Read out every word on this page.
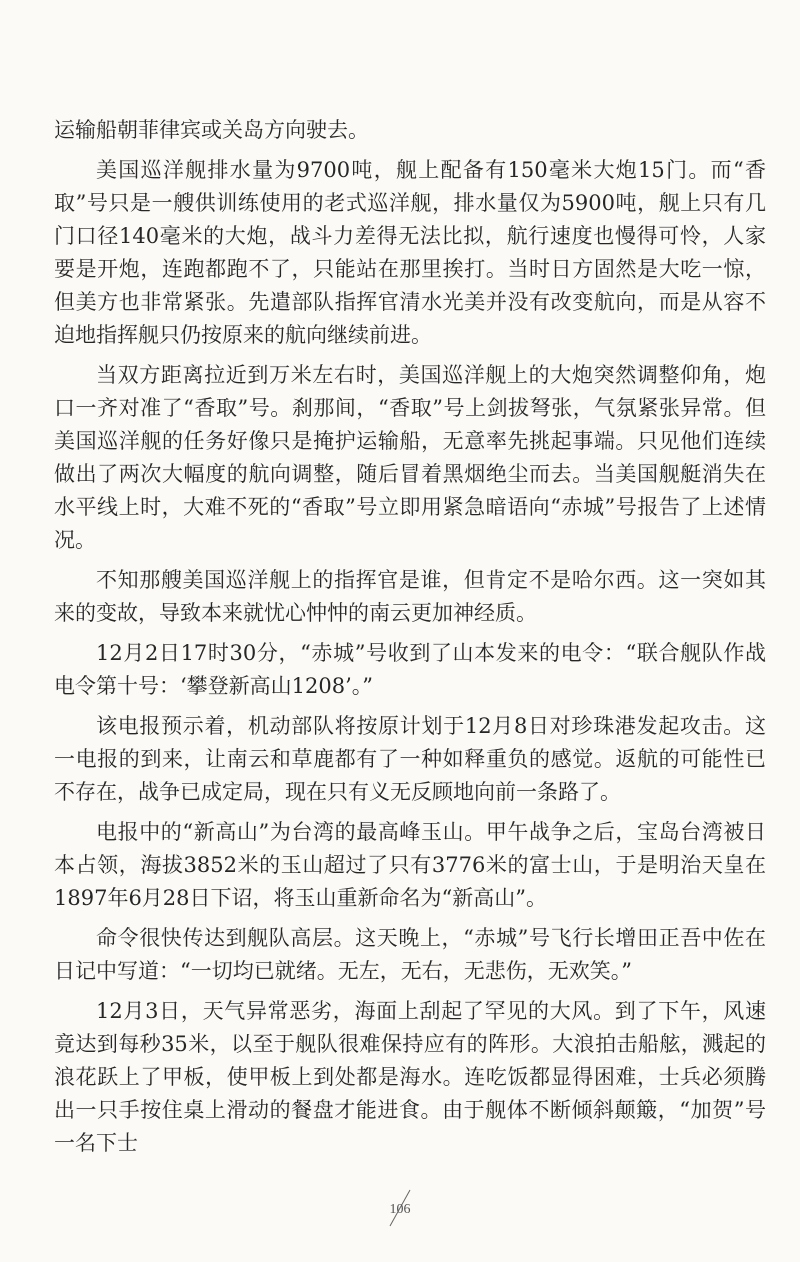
运输船朝菲律宾或关岛方向驶去。

美国巡洋舰排水量为9700吨，舰上配备有150毫米大炮15门。而“香取”号只是一艘供训练使用的老式巡洋舰，排水量仅为5900吨，舰上只有几门口径140毫米的大炮，战斗力差得无法比拟，航行速度也慢得可怜，人家要是开炮，连跑都跑不了，只能站在那里挨打。当时日方固然是大吃一惊，但美方也非常紧张。先遣部队指挥官清水光美并没有改变航向，而是从容不迫地指挥舰只仍按原来的航向继续前进。

当双方距离拉近到万米左右时，美国巡洋舰上的大炮突然调整仰角，炮口一齐对准了“香取”号。刹那间，“香取”号上剑拔弩张，气氛紧张异常。但美国巡洋舰的任务好像只是掩护运输船，无意率先挑起事端。只见他们连续做出了两次大幅度的航向调整，随后冒着黑烟绝尘而去。当美国舰艇消失在水平线上时，大难不死的“香取”号立即用紧急暗语向“赤城”号报告了上述情况。

不知那艘美国巡洋舰上的指挥官是谁，但肯定不是哈尔西。这一突如其来的变故，导致本来就忧心忡忡的南云更加神经质。

12月2日17时30分，“赤城”号收到了山本发来的电令：“联合舰队作战电令第十号：‘攀登新高山1208’。”

该电报预示着，机动部队将按原计划于12月8日对珍珠港发起攻击。这一电报的到来，让南云和草鹿都有了一种如释重负的感觉。返航的可能性已不存在，战争已成定局，现在只有义无反顾地向前一条路了。

电报中的“新高山”为台湾的最高峰玉山。甲午战争之后，宝岛台湾被日本占领，海拔3852米的玉山超过了只有3776米的富士山，于是明治天皇在1897年6月28日下诏，将玉山重新命名为“新高山”。

命令很快传达到舰队高层。这天晚上，“赤城”号飞行长增田正吾中佐在日记中写道：“一切均已就绪。无左，无右，无悲伤，无欢笑。”

12月3日，天气异常恶劣，海面上刮起了罕见的大风。到了下午，风速竟达到每秒35米，以至于舰队很难保持应有的阵形。大浪拍击船舷，溅起的浪花跃上了甲板，使甲板上到处都是海水。连吃饭都显得困难，士兵必须腾出一只手按住桌上滑动的餐盘才能进食。由于舰体不断倾斜颠簸，“加贺”号一名下士

106
